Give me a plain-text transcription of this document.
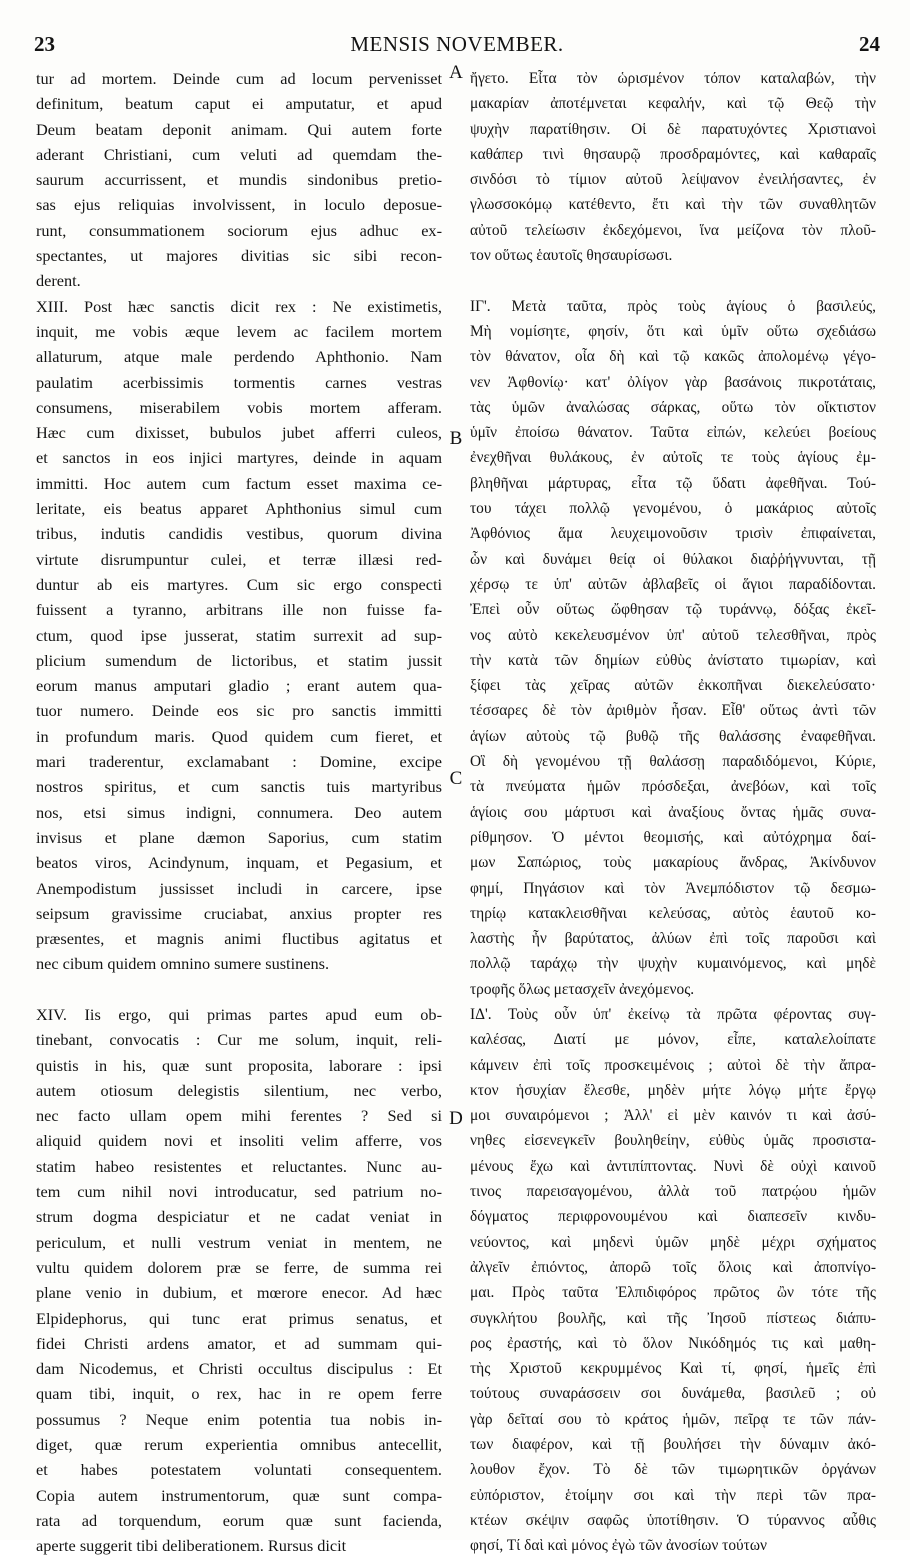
23	MENSIS NOVEMBER.	24
tur ad mortem. Deinde cum ad locum pervenisset
definitum, beatum caput ei amputatur, et apud
Deum beatam deponit animam. Qui autem forte
aderant Christiani, cum veluti ad quemdam the-
saurum accurrissent, et mundis sindonibus pretio-
sas ejus reliquias involvissent, in loculo deposue-
runt, consummationem sociorum ejus adhuc ex-
spectantes, ut majores divitias sic sibi recon-
derent.
XIII. Post hæc sanctis dicit rex : Ne existimetis,
inquit, me vobis æque levem ac facilem mortem
allaturum, atque male perdendo Aphthonio. Nam
paulatim acerbissimis tormentis carnes vestras
consumens, miserabilem vobis mortem afferam.
Hæc cum dixisset, bubulos jubet afferri culeos,
et sanctos in eos injici martyres, deinde in aquam
immitti. Hoc autem cum factum esset maxima ce-
leritate, eis beatus apparet Aphthonius simul cum
tribus, indutis candidis vestibus, quorum divina
virtute disrumpuntur culei, et terræ illæsi red-
duntur ab eis martyres. Cum sic ergo conspecti
fuissent a tyranno, arbitrans ille non fuisse fa-
ctum, quod ipse jusserat, statim surrexit ad sup-
plicium sumendum de lictoribus, et statim jussit
eorum manus amputari gladio ; erant autem qua-
tuor numero. Deinde eos sic pro sanctis immitti
in profundum maris. Quod quidem cum fieret, et
mari traderentur, exclamabant : Domine, excipe
nostros spiritus, et cum sanctis tuis martyribus
nos, etsi simus indigni, connumera. Deo autem
invisus et plane dæmon Saporius, cum statim
beatos viros, Acindynum, inquam, et Pegasium, et
Anempodistum jussisset includi in carcere, ipse
seipsum gravissime cruciabat, anxius propter res
præsentes, et magnis animi fluctibus agitatus et
nec cibum quidem omnino sumere sustinens.
XIV. Iis ergo, qui primas partes apud eum ob-
tinebant, convocatis : Cur me solum, inquit, reli-
quistis in his, quæ sunt proposita, laborare : ipsi
autem otiosum delegistis silentium, nec verbo,
nec facto ullam opem mihi ferentes ? Sed si
aliquid quidem novi et insoliti velim afferre, vos
statim habeo resistentes et reluctantes. Nunc au-
tem cum nihil novi introducatur, sed patrium no-
strum dogma despiciatur et ne cadat veniat in
periculum, et nulli vestrum veniat in mentem, ne
vultu quidem dolorem præ se ferre, de summa rei
plane venio in dubium, et mœrore enecor. Ad hæc
Elpidephorus, qui tunc erat primus senatus, et
fidei Christi ardens amator, et ad summam qui-
dam Nicodemus, et Christi occultus discipulus : Et
quam tibi, inquit, o rex, hac in re opem ferre
possumus ? Neque enim potentia tua nobis in-
diget, quæ rerum experientia omnibus antecellit,
et habes potestatem voluntati consequentem.
Copia autem instrumentorum, quæ sunt compa-
rata ad torquendum, eorum quæ sunt facienda,
aperte suggerit tibi deliberationem. Rursus dicit
ἤγετο. Εἶτα τὸν ὡρισμένον τόπον καταλαβών, τὴν
μακαρίαν ἀποτέμνεται κεφαλήν, καὶ τῷ Θεῷ τὴν
ψυχὴν παρατίθησιν. Οἱ δὲ παρατυχόντες Χριστιανοὶ
καθάπερ τινὶ θησαυρῷ προσδραμόντες, καὶ καθαραῖς
σινδόσι τὸ τίμιον αὐτοῦ λείψανον ἐνειλήσαντες, ἐν
γλωσσοκόμῳ κατέθεντο, ἔτι καὶ τὴν τῶν συναθλητῶν
αὐτοῦ τελείωσιν ἐκδεχόμενοι, ἵνα μείζονα τὸν πλοῦ-
τον οὕτως ἑαυτοῖς θησαυρίσωσι.
ΙΓ'. Μετὰ ταῦτα, πρὸς τοὺς ἁγίους ὁ βασιλεύς,
Μὴ νομίσητε, φησίν, ὅτι καὶ ὑμῖν οὕτω σχεδιάσω
τὸν θάνατον, οἷα δὴ καὶ τῷ κακῶς ἀπολομένῳ γέγο-
νεν Ἀφθονίῳ· κατ' ὀλίγον γὰρ βασάνοις πικροτάταις,
τὰς ὑμῶν ἀναλώσας σάρκας, οὕτω τὸν οἴκτιστον
ὑμῖν ἐποίσω θάνατον. Ταῦτα εἰπών, κελεύει βοείους
ἐνεχθῆναι θυλάκους, ἐν αὐτοῖς τε τοὺς ἁγίους ἐμ-
βληθῆναι μάρτυρας, εἶτα τῷ ὕδατι ἀφεθῆναι. Τού-
του τάχει πολλῷ γενομένου, ὁ μακάριος αὐτοῖς
Ἀφθόνιος ἅμα λευχειμονοῦσιν τρισὶν ἐπιφαίνεται,
ὧν καὶ δυνάμει θείᾳ οἱ θύλακοι διαῤῥήγνυνται, τῇ
χέρσῳ τε ὑπ' αὐτῶν ἀβλαβεῖς οἱ ἅγιοι παραδίδονται.
Ἐπεὶ οὖν οὕτως ὤφθησαν τῷ τυράννῳ, δόξας ἐκεῖ-
νος αὐτὸ κεκελευσμένον ὑπ' αὐτοῦ τελεσθῆναι, πρὸς
τὴν κατὰ τῶν δημίων εὐθὺς ἀνίστατο τιμωρίαν, καὶ
ξίφει τὰς χεῖρας αὐτῶν ἐκκοπῆναι διεκελεύσατο·
τέσσαρες δὲ τὸν ἀριθμὸν ἦσαν. Εἶθ' οὕτως ἀντὶ τῶν
ἁγίων αὐτοὺς τῷ βυθῷ τῆς θαλάσσης ἐναφεθῆναι.
Οἳ δὴ γενομένου τῇ θαλάσσῃ παραδιδόμενοι, Κύριε,
τὰ πνεύματα ἡμῶν πρόσδεξαι, ἀνεβόων, καὶ τοῖς
ἁγίοις σου μάρτυσι καὶ ἀναξίους ὄντας ἡμᾶς συνα-
ρίθμησον. Ὁ μέντοι θεομισής, καὶ αὐτόχρημα δαί-
μων Σαπώριος, τοὺς μακαρίους ἄνδρας, Ἀκίνδυνον
φημί, Πηγάσιον καὶ τὸν Ἀνεμπόδιστον τῷ δεσμω-
τηρίῳ κατακλεισθῆναι κελεύσας, αὐτὸς ἑαυτοῦ κο-
λαστὴς ἦν βαρύτατος, ἀλύων ἐπὶ τοῖς παροῦσι καὶ
πολλῷ ταράχῳ τὴν ψυχὴν κυμαινόμενος, καὶ μηδὲ
τροφῆς ὅλως μετασχεῖν ἀνεχόμενος.
ΙΔ'. Τοὺς οὖν ὑπ' ἐκείνῳ τὰ πρῶτα φέροντας συγ-
καλέσας, Διατί με μόνον, εἶπε, καταλελοίπατε
κάμνειν ἐπὶ τοῖς προσκειμένοις ; αὐτοὶ δὲ τὴν ἄπρα-
κτον ἡσυχίαν ἔλεσθε, μηδὲν μήτε λόγῳ μήτε ἔργῳ
μοι συναιρόμενοι ; Ἀλλ' εἰ μὲν καινόν τι καὶ ἀσύ-
νηθες εἰσενεγκεῖν βουληθείην, εὐθὺς ὑμᾶς προσιστα-
μένους ἔχω καὶ ἀντιπίπτοντας. Νυνὶ δὲ οὐχὶ καινοῦ
τινος παρεισαγομένου, ἀλλὰ τοῦ πατρῴου ἡμῶν
δόγματος περιφρονουμένου καὶ διαπεσεῖν κινδυ-
νεύοντος, καὶ μηδενὶ ὑμῶν μηδὲ μέχρι σχήματος
ἀλγεῖν ἐπιόντος, ἀπορῶ τοῖς ὅλοις καὶ ἀποπνίγο-
μαι. Πρὸς ταῦτα Ἐλπιδιφόρος πρῶτος ὢν τότε τῆς
συγκλήτου βουλῆς, καὶ τῆς Ἰησοῦ πίστεως διάπυ-
ρος ἐραστής, καὶ τὸ ὅλον Νικόδημός τις καὶ μαθη-
τὴς Χριστοῦ κεκρυμμένος Καὶ τί, φησί, ἡμεῖς ἐπὶ
τούτους συναράσσειν σοι δυνάμεθα, βασιλεῦ ; οὐ
γὰρ δεῖταί σου τὸ κράτος ἡμῶν, πεῖρᾳ τε τῶν πάν-
των διαφέρον, καὶ τῇ βουλήσει τὴν δύναμιν ἀκό-
λουθον ἔχον. Τὸ δὲ τῶν τιμωρητικῶν ὀργάνων
εὐπόριστον, ἑτοίμην σοι καὶ τὴν περὶ τῶν πρα-
κτέων σκέψιν σαφῶς ὑποτίθησιν. Ὁ τύραννος αὖθις
φησί, Τί δαὶ καὶ μόνος ἐγὼ τῶν ἀνοσίων τούτων
A
B
C
D
